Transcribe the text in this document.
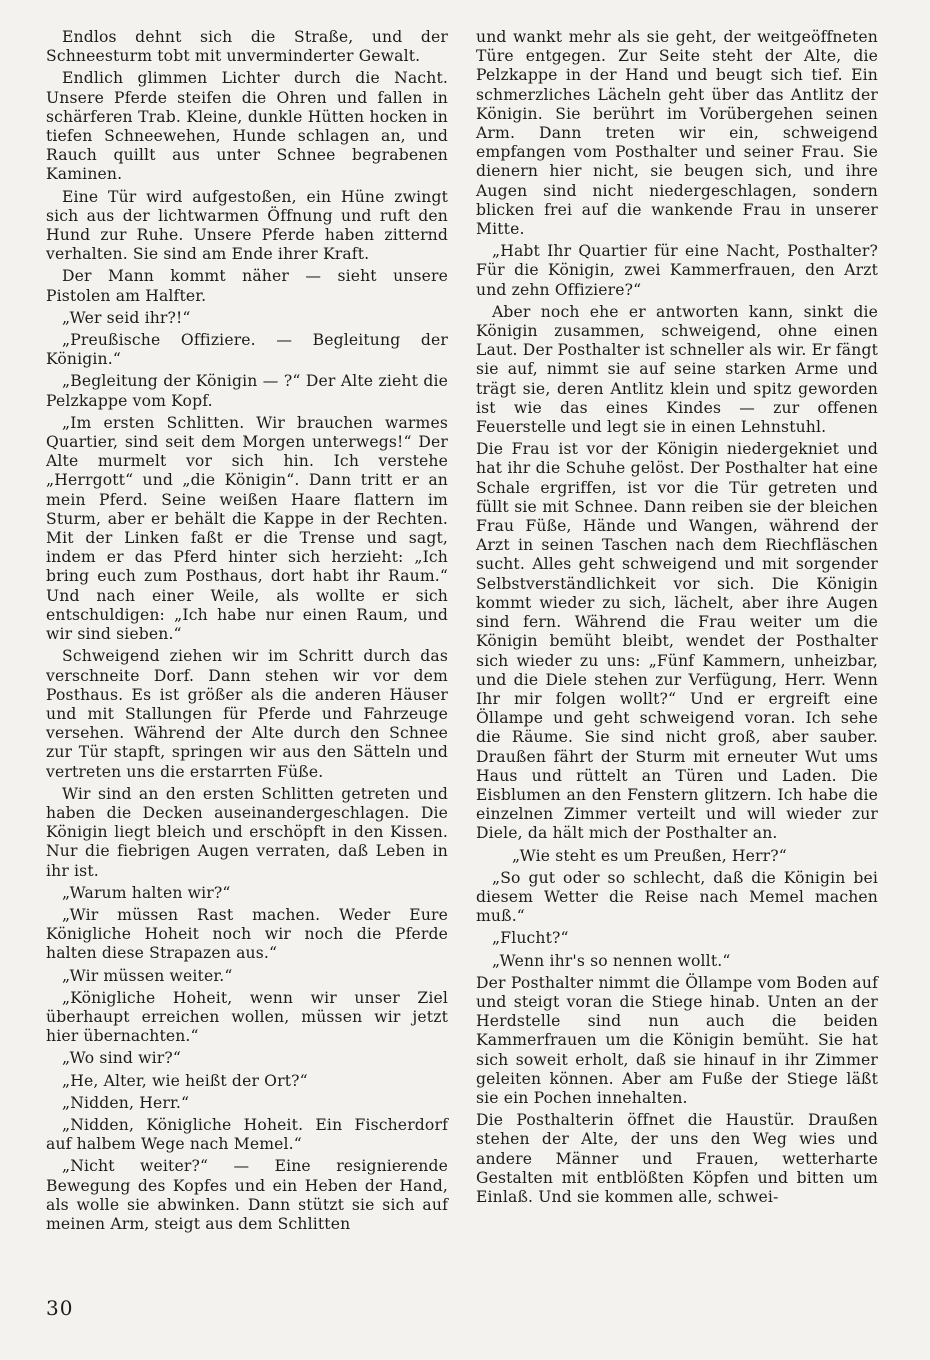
Endlos dehnt sich die Straße, und der Schneesturm tobt mit unverminderter Gewalt.

Endlich glimmen Lichter durch die Nacht. Unsere Pferde steifen die Ohren und fallen in schärferen Trab. Kleine, dunkle Hütten hocken in tiefen Schneewehen, Hunde schlagen an, und Rauch quillt aus unter Schnee begrabenen Kaminen.

Eine Tür wird aufgestoßen, ein Hüne zwingt sich aus der lichtwarmen Öffnung und ruft den Hund zur Ruhe. Unsere Pferde haben zitternd verhalten. Sie sind am Ende ihrer Kraft.

Der Mann kommt näher — sieht unsere Pistolen am Halfter.

„Wer seid ihr?!“

„Preußische Offiziere. — Begleitung der Königin.“

„Begleitung der Königin — ?“ Der Alte zieht die Pelzkappe vom Kopf.

„Im ersten Schlitten. Wir brauchen warmes Quartier, sind seit dem Morgen unterwegs!“ Der Alte murmelt vor sich hin. Ich verstehe „Herrgott“ und „die Königin“. Dann tritt er an mein Pferd. Seine weißen Haare flattern im Sturm, aber er behält die Kappe in der Rechten. Mit der Linken faßt er die Trense und sagt, indem er das Pferd hinter sich herzieht: „Ich bring euch zum Posthaus, dort habt ihr Raum.“ Und nach einer Weile, als wollte er sich entschuldigen: „Ich habe nur einen Raum, und wir sind sieben.“

Schweigend ziehen wir im Schritt durch das verschneite Dorf. Dann stehen wir vor dem Posthaus. Es ist größer als die anderen Häuser und mit Stallungen für Pferde und Fahrzeuge versehen. Während der Alte durch den Schnee zur Tür stapft, springen wir aus den Sätteln und vertreten uns die erstarrten Füße.

Wir sind an den ersten Schlitten getreten und haben die Decken auseinandergeschlagen. Die Königin liegt bleich und erschöpft in den Kissen. Nur die fiebrigen Augen verraten, daß Leben in ihr ist.

„Warum halten wir?“

„Wir müssen Rast machen. Weder Eure Königliche Hoheit noch wir noch die Pferde halten diese Strapazen aus.“

„Wir müssen weiter.“

„Königliche Hoheit, wenn wir unser Ziel überhaupt erreichen wollen, müssen wir jetzt hier übernachten.“

„Wo sind wir?“

„He, Alter, wie heißt der Ort?“

„Nidden, Herr.“

„Nidden, Königliche Hoheit. Ein Fischerdorf auf halbem Wege nach Memel.“

„Nicht weiter?“ — Eine resignierende Bewegung des Kopfes und ein Heben der Hand, als wolle sie abwinken. Dann stützt sie sich auf meinen Arm, steigt aus dem Schlitten

und wankt mehr als sie geht, der weitgeöffneten Türe entgegen. Zur Seite steht der Alte, die Pelzkappe in der Hand und beugt sich tief. Ein schmerzliches Lächeln geht über das Antlitz der Königin. Sie berührt im Vorübergehen seinen Arm. Dann treten wir ein, schweigend empfangen vom Posthalter und seiner Frau. Sie dienern hier nicht, sie beugen sich, und ihre Augen sind nicht niedergeschlagen, sondern blicken frei auf die wankende Frau in unserer Mitte.

„Habt Ihr Quartier für eine Nacht, Posthalter? Für die Königin, zwei Kammerfrauen, den Arzt und zehn Offiziere?“

Aber noch ehe er antworten kann, sinkt die Königin zusammen, schweigend, ohne einen Laut. Der Posthalter ist schneller als wir. Er fängt sie auf, nimmt sie auf seine starken Arme und trägt sie, deren Antlitz klein und spitz geworden ist wie das eines Kindes — zur offenen Feuerstelle und legt sie in einen Lehnstuhl.

Die Frau ist vor der Königin niedergekniet und hat ihr die Schuhe gelöst. Der Posthalter hat eine Schale ergriffen, ist vor die Tür getreten und füllt sie mit Schnee. Dann reiben sie der bleichen Frau Füße, Hände und Wangen, während der Arzt in seinen Taschen nach dem Riechfläschen sucht. Alles geht schweigend und mit sorgender Selbstverständlichkeit vor sich. Die Königin kommt wieder zu sich, lächelt, aber ihre Augen sind fern. Während die Frau weiter um die Königin bemüht bleibt, wendet der Posthalter sich wieder zu uns: „Fünf Kammern, unheizbar, und die Diele stehen zur Verfügung, Herr. Wenn Ihr mir folgen wollt?“ Und er ergreift eine Öllampe und geht schweigend voran. Ich sehe die Räume. Sie sind nicht groß, aber sauber. Draußen fährt der Sturm mit erneuter Wut ums Haus und rüttelt an Türen und Laden. Die Eisblumen an den Fenstern glitzern. Ich habe die einzelnen Zimmer verteilt und will wieder zur Diele, da hält mich der Posthalter an.

„Wie steht es um Preußen, Herr?“

„So gut oder so schlecht, daß die Königin bei diesem Wetter die Reise nach Memel machen muß.“

„Flucht?“

„Wenn ihr's so nennen wollt.“

Der Posthalter nimmt die Öllampe vom Boden auf und steigt voran die Stiege hinab. Unten an der Herdstelle sind nun auch die beiden Kammerfrauen um die Königin bemüht. Sie hat sich soweit erholt, daß sie hinauf in ihr Zimmer geleiten können. Aber am Fuße der Stiege läßt sie ein Pochen innehalten.

Die Posthalterin öffnet die Haustür. Draußen stehen der Alte, der uns den Weg wies und andere Männer und Frauen, wetterharte Gestalten mit entblößten Köpfen und bitten um Einlaß. Und sie kommen alle, schwei-

30
